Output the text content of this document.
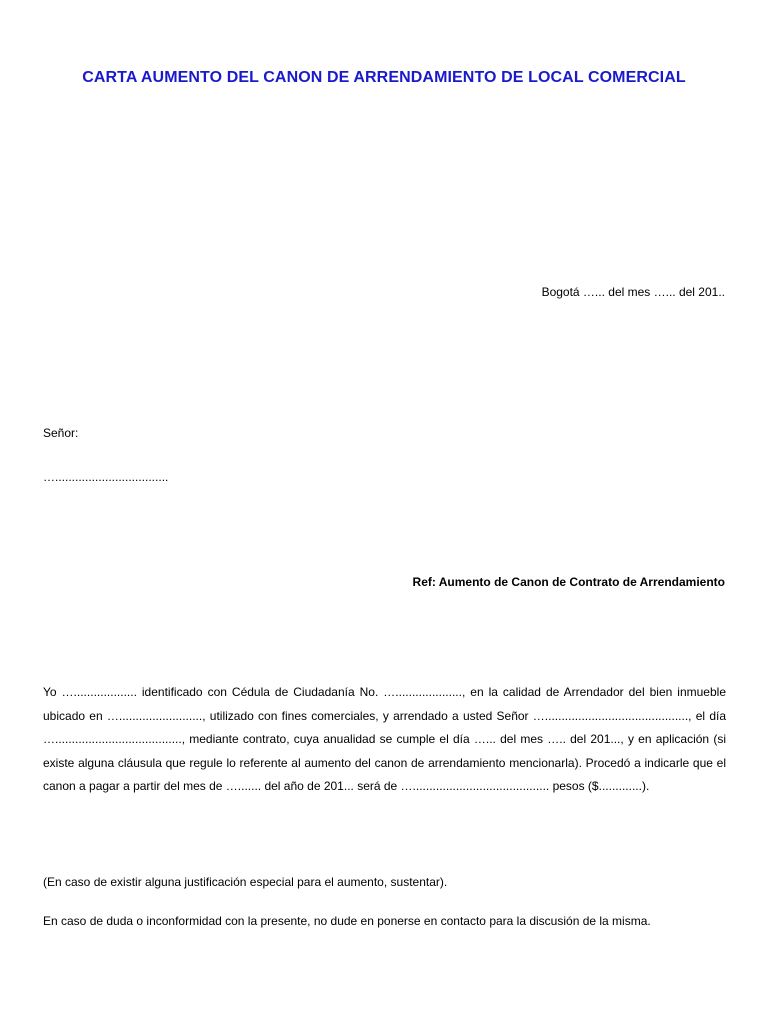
CARTA AUMENTO DEL CANON DE ARRENDAMIENTO DE LOCAL COMERCIAL
Bogotá …... del mes …... del 201..
Señor:
…..................................
Ref: Aumento de Canon de Contrato de Arrendamiento
Yo …................... identificado con Cédula de Ciudadanía No. …...................., en la calidad de Arrendador del bien inmueble ubicado en …........................., utilizado con fines comerciales, y arrendado a usted Señor …..........................................., el día …......................................, mediante contrato, cuya anualidad se cumple el día …... del mes ….. del 201..., y en aplicación (si existe alguna cláusula que regule lo referente al aumento del canon de arrendamiento mencionarla). Procedó a indicarle que el canon a pagar a partir del mes de …....... del año de 201... será de …......................................... pesos ($.............).
(En caso de existir alguna justificación especial para el aumento, sustentar).
En caso de duda o inconformidad con la presente, no dude en ponerse en contacto para la discusión de la misma.
